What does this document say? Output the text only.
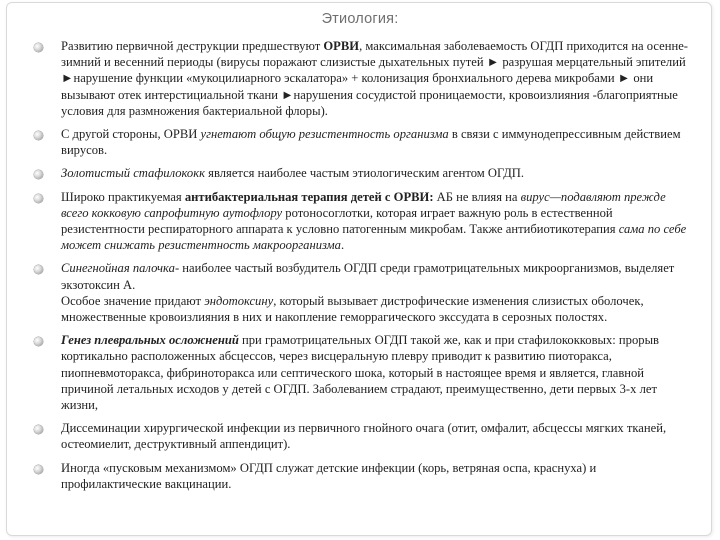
Этиология:
Развитию первичной деструкции предшествуют ОРВИ, максимальная заболеваемость ОГДП приходится на осенне-зимний и весенний периоды (вирусы поражают слизистые дыхательных путей ► разрушая мерцательный эпителий ►нарушение функции «мукоцилиарного эскалатора» + колонизация бронхиального дерева микробами ► они вызывают отек интерстициальной ткани ►нарушения сосудистой проницаемости, кровоизлияния -благоприятные условия для размножения бактериальной флоры).
С другой стороны, ОРВИ угнетают общую резистентность организма в связи с иммунодепрессивным действием вирусов.
Золотистый стафилококк является наиболее частым этиологическим агентом ОГДП.
Широко практикуемая антибактериальная терапия детей с ОРВИ: АБ не влияя на вирус—подавляют прежде всего кокковую сапрофитную аутофлору ротоносоглотки, которая играет важную роль в естественной резистентности респираторного аппарата к условно патогенным микробам. Также антибиотикотерапия сама по себе может снижать резистентность макроорганизма.
Синегнойная палочка- наиболее частый возбудитель ОГДП среди грамотрицательных микроорганизмов, выделяет экзотоксин А.
Особое значение придают эндотоксину, который вызывает дистрофические изменения слизистых оболочек, множественные кровоизлияния в них и накопление геморрагического экссудата в серозных полостях.
Генез плевральных осложнений при грамотрицательных ОГДП такой же, как и при стафилококковых: прорыв кортикально расположенных абсцессов, через висцеральную плевру приводит к развитию пиоторакса, пиопневмоторакса, фибриноторакса или септического шока, который в настоящее время и является, главной причиной летальных исходов у детей с ОГДП. Заболеванием страдают, преимущественно, дети первых 3-х лет жизни,
Диссеминации хирургической инфекции из первичного гнойного очага (отит, омфалит, абсцессы мягких тканей, остеомиелит, деструктивный аппендицит).
Иногда «пусковым механизмом» ОГДП служат детские инфекции (корь, ветряная оспа, краснуха) и профилактические вакцинации.
